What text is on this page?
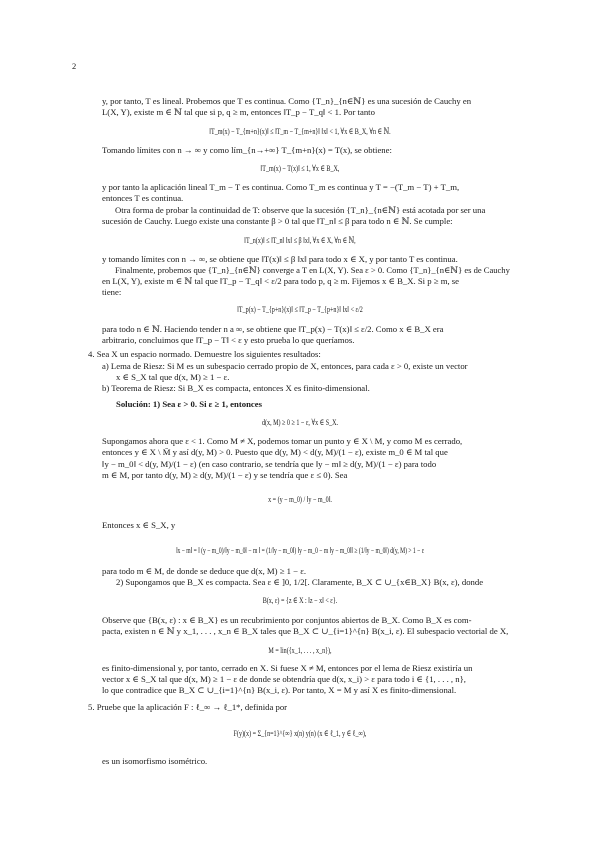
2
y, por tanto, T es lineal. Probemos que T es continua. Como {T_n}_{n∈ℕ} es una sucesión de Cauchy en
L(X, Y), existe m ∈ ℕ tal que si p, q ≥ m, entonces ‖T_p − T_q‖ < 1. Por tanto
‖T_m(x) − T_{m+n}(x)‖ ≤ ‖T_m − T_{m+n}‖ ‖x‖ < 1, ∀x ∈ B_X, ∀n ∈ ℕ.
Tomando límites con n → ∞ y como lím_{n→+∞} T_{m+n}(x) = T(x), se obtiene:
‖T_m(x) − T(x)‖ ≤ 1, ∀x ∈ B_X,
y por tanto la aplicación lineal T_m − T es continua. Como T_m es continua y T = −(T_m − T) + T_m,
entonces T es continua.
Otra forma de probar la continuidad de T: observe que la sucesión {T_n}_{n∈ℕ} está acotada por ser una
sucesión de Cauchy. Luego existe una constante β > 0 tal que ‖T_n‖ ≤ β para todo n ∈ ℕ. Se cumple:
‖T_n(x)‖ ≤ ‖T_n‖ ‖x‖ ≤ β ‖x‖, ∀x ∈ X, ∀n ∈ ℕ,
y tomando límites con n → ∞, se obtiene que ‖T(x)‖ ≤ β ‖x‖ para todo x ∈ X, y por tanto T es continua.
Finalmente, probemos que {T_n}_{n∈ℕ} converge a T en L(X, Y). Sea ε > 0. Como {T_n}_{n∈ℕ} es de Cauchy
en L(X, Y), existe m ∈ ℕ tal que ‖T_p − T_q‖ < ε/2 para todo p, q ≥ m. Fijemos x ∈ B_X. Si p ≥ m, se
tiene:
‖T_p(x) − T_{p+n}(x)‖ ≤ ‖T_p − T_{p+n}‖ ‖x‖ < ε/2
para todo n ∈ ℕ. Haciendo tender n a ∞, se obtiene que ‖T_p(x) − T(x)‖ ≤ ε/2. Como x ∈ B_X era
arbitrario, concluimos que ‖T_p − T‖ < ε y esto prueba lo que queríamos.
4. Sea X un espacio normado. Demuestre los siguientes resultados:
a) Lema de Riesz: Si M es un subespacio cerrado propio de X, entonces, para cada ε > 0, existe un vector
x ∈ S_X tal que d(x, M) ≥ 1 − ε.
b) Teorema de Riesz: Si B_X es compacta, entonces X es finito-dimensional.
Solución: 1) Sea ε > 0. Si ε ≥ 1, entonces
d(x, M) ≥ 0 ≥ 1 − ε, ∀x ∈ S_X.
Supongamos ahora que ε < 1. Como M ≠ X, podemos tomar un punto y ∈ X \ M, y como M es cerrado,
entonces y ∈ X \ M̄ y así d(y, M) > 0. Puesto que d(y, M) < d(y, M)/(1 − ε), existe m_0 ∈ M tal que
‖y − m_0‖ < d(y, M)/(1 − ε) (en caso contrario, se tendría que ‖y − m‖ ≥ d(y, M)/(1 − ε) para todo
m ∈ M, por tanto d(y, M) ≥ d(y, M)/(1 − ε) y se tendría que ε ≤ 0). Sea
x = (y − m_0) / ‖y − m_0‖.
Entonces x ∈ S_X, y
‖x − m‖ = ‖ (y − m_0)/‖y − m_0‖ − m ‖ = (1/‖y − m_0‖) ‖y − m_0 − m ‖y − m_0‖‖ ≥ (1/‖y − m_0‖) d(y, M) > 1 − ε
para todo m ∈ M, de donde se deduce que d(x, M) ≥ 1 − ε.
2) Supongamos que B_X es compacta. Sea ε ∈ ]0, 1/2[. Claramente, B_X ⊂ ∪_{x∈B_X} B(x, ε), donde
B(x, ε) = {z ∈ X : ‖z − x‖ < ε}.
Observe que {B(x, ε) : x ∈ B_X} es un recubrimiento por conjuntos abiertos de B_X. Como B_X es com-
pacta, existen n ∈ ℕ y x_1, . . . , x_n ∈ B_X tales que B_X ⊂ ∪_{i=1}^{n} B(x_i, ε). El subespacio vectorial de X,
M = lin({x_1, . . . , x_n}),
es finito-dimensional y, por tanto, cerrado en X. Si fuese X ≠ M, entonces por el lema de Riesz existiría un
vector x ∈ S_X tal que d(x, M) ≥ 1 − ε de donde se obtendría que d(x, x_i) > ε para todo i ∈ {1, . . . , n},
lo que contradice que B_X ⊂ ∪_{i=1}^{n} B(x_i, ε). Por tanto, X = M y así X es finito-dimensional.
5. Pruebe que la aplicación F : ℓ_∞ → ℓ_1*, definida por
F(y)(x) = Σ_{n=1}^{∞} x(n) y(n) (x ∈ ℓ_1, y ∈ ℓ_∞),
es un isomorfismo isométrico.
